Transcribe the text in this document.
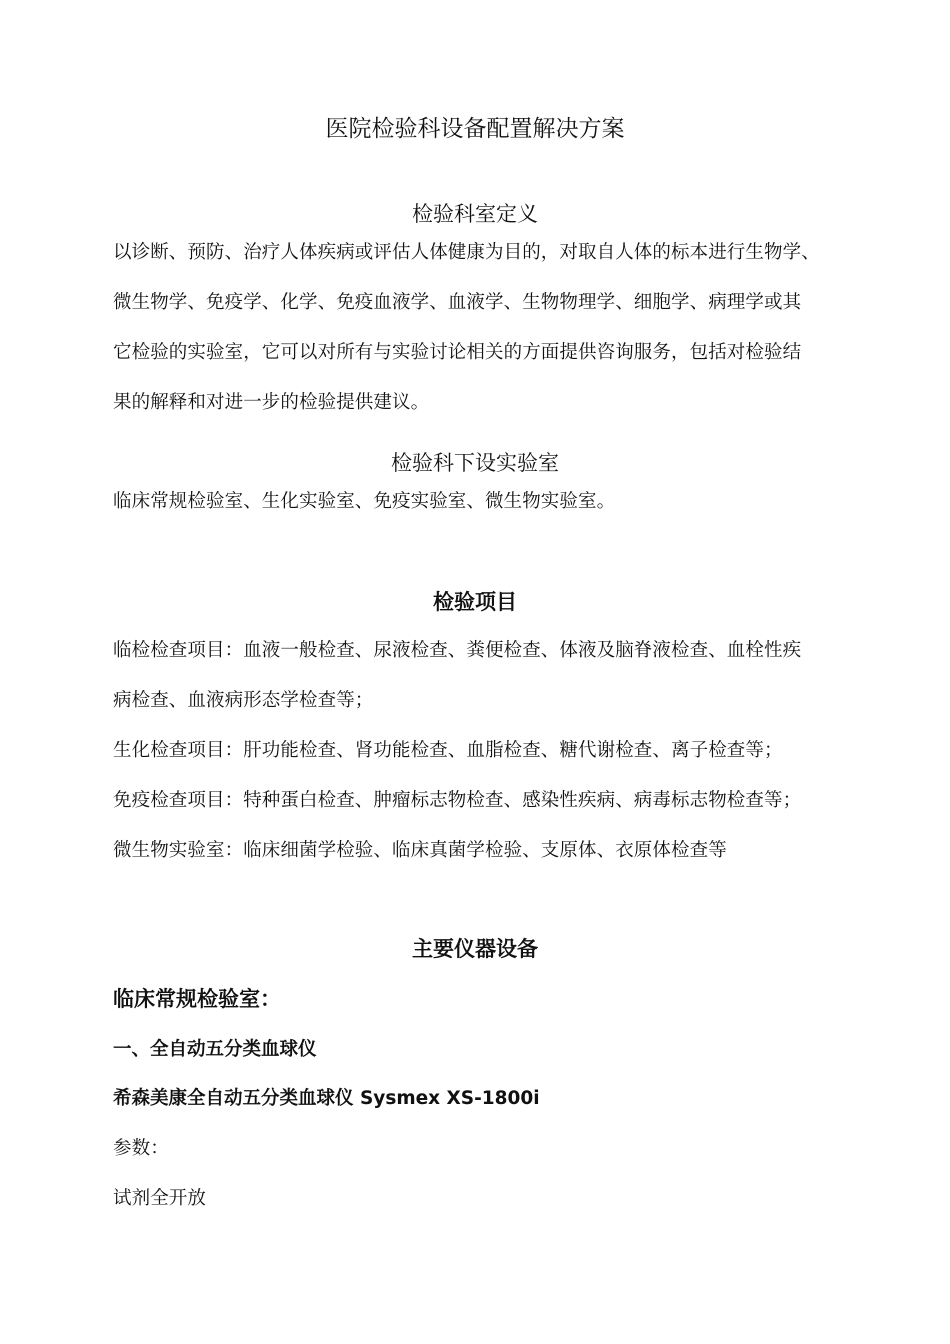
医院检验科设备配置解决方案
检验科室定义
以诊断、预防、治疗人体疾病或评估人体健康为目的，对取自人体的标本进行生物学、
微生物学、免疫学、化学、免疫血液学、血液学、生物物理学、细胞学、病理学或其
它检验的实验室，它可以对所有与实验讨论相关的方面提供咨询服务，包括对检验结
果的解释和对进一步的检验提供建议。
检验科下设实验室
临床常规检验室、生化实验室、免疫实验室、微生物实验室。
检验项目
临检检查项目：血液一般检查、尿液检查、粪便检查、体液及脑脊液检查、血栓性疾
病检查、血液病形态学检查等；
生化检查项目：肝功能检查、肾功能检查、血脂检查、糖代谢检查、离子检查等；
免疫检查项目：特种蛋白检查、肿瘤标志物检查、感染性疾病、病毒标志物检查等；
微生物实验室：临床细菌学检验、临床真菌学检验、支原体、衣原体检查等
主要仪器设备
临床常规检验室：
一、全自动五分类血球仪
希森美康全自动五分类血球仪 Sysmex XS-1800i
参数：
试剂全开放
